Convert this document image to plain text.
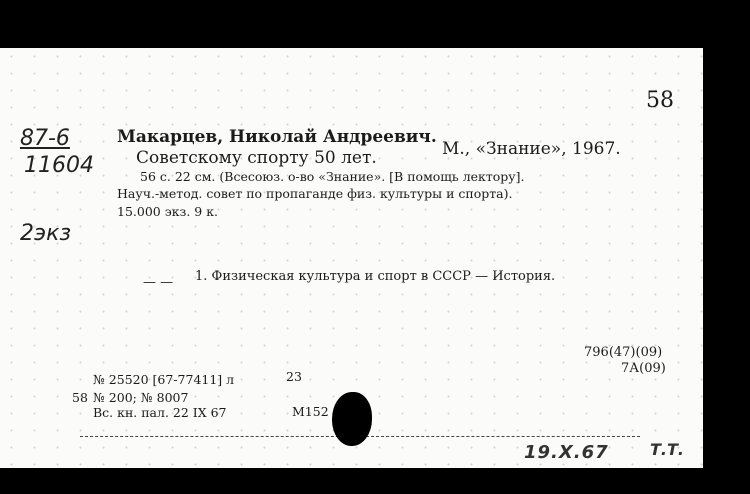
58
87-6
11604
2экз
Макарцев, Николай Андреевич.
Советскому спорту 50 лет.	М., «Знание», 1967.
56 с. 22 см. (Всесоюз. о-во «Знание». [В помощь лектору].
Науч.-метод. совет по пропаганде физ. культуры и спорта).
15.000 экз. 9 к.
— — 1. Физическая культура и спорт в СССР — История.
796(47)(09)
7А(09)
№ 25520 [67-77411] л	23
58 № 200; № 8007
Вс. кн. пал. 22 IX 67	М152
19.X.67	Т.Т.
